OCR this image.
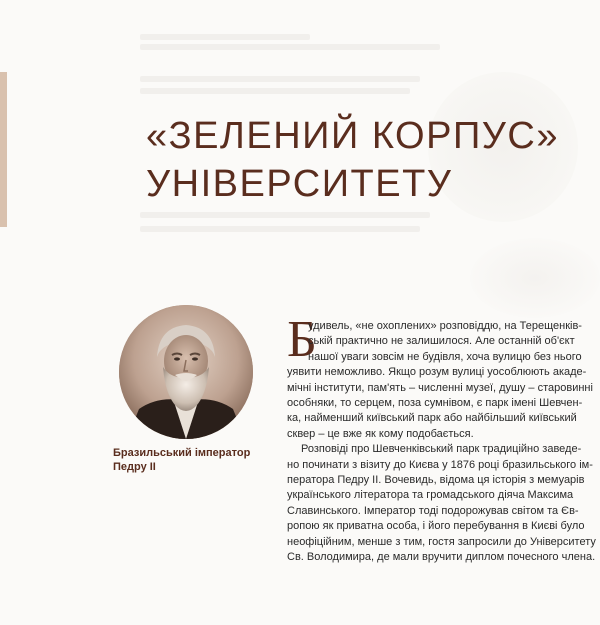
«ЗЕЛЕНИЙ КОРПУС»
УНІВЕРСИТЕТУ

Бразильський імператор
Педру II

Б
удивель, «не охоплених» розповіддю, на Терещенків-
ській практично не залишилося. Але останній об'єкт
нашої уваги зовсім не будівля, хоча вулицю без нього
уявити неможливо. Якщо розум вулиці уособлюють акаде-
мічні інститути, пам'ять – численні музеї, душу – старовинні
особняки, то серцем, поза сумнівом, є парк імені Шевчен-
ка, найменший київський парк або найбільший київський
сквер – це вже як кому подобається.
Розповіді про Шевченківський парк традиційно заведе-
но починати з візиту до Києва у 1876 році бразильського ім-
ператора Педру II. Вочевидь, відома ця історія з мемуарів
українського літератора та громадського діяча Максима
Славинського. Імператор тоді подорожував світом та Єв-
ропою як приватна особа, і його перебування в Києві було
неофіційним, менше з тим, гостя запросили до Університету
Св. Володимира, де мали вручити диплом почесного члена.
